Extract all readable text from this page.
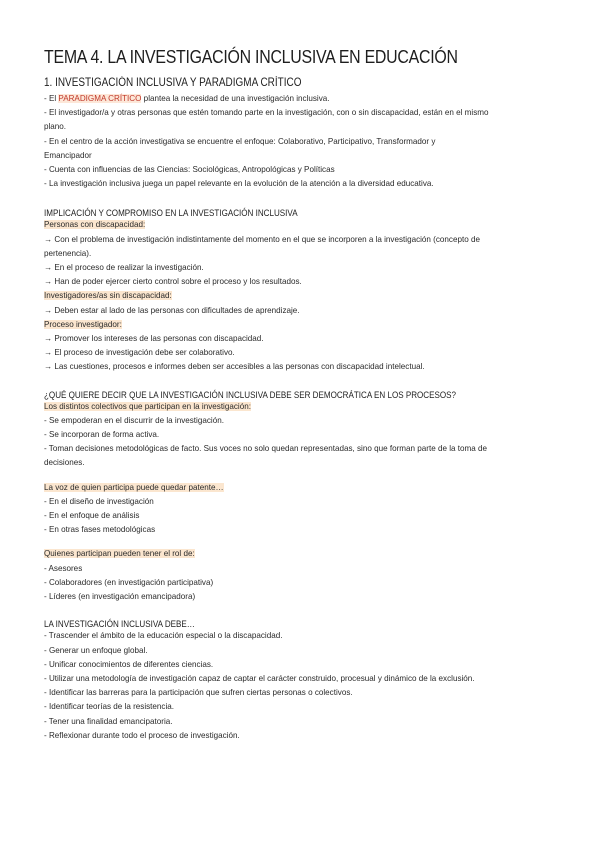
TEMA 4. LA INVESTIGACIÓN INCLUSIVA EN EDUCACIÓN
1. INVESTIGACIÓN INCLUSIVA Y PARADIGMA CRÍTICO

- El PARADIGMA CRÍTICO plantea la necesidad de una investigación inclusiva.

- El investigador/a y otras personas que estén tomando parte en la investigación, con o sin discapacidad, están en el mismo

plano.

- En el centro de la acción investigativa se encuentre el enfoque: Colaborativo, Participativo, Transformador y

Emancipador

- Cuenta con influencias de las Ciencias: Sociológicas, Antropológicas y Políticas

- La investigación inclusiva juega un papel relevante en la evolución de la atención a la diversidad educativa.

IMPLICACIÓN Y COMPROMISO EN LA INVESTIGACIÓN INCLUSIVA

Personas con discapacidad:

→ Con el problema de investigación indistintamente del momento en el que se incorporen a la investigación (concepto de

pertenencia).

→ En el proceso de realizar la investigación.

→ Han de poder ejercer cierto control sobre el proceso y los resultados.

Investigadores/as sin discapacidad:

→ Deben estar al lado de las personas con dificultades de aprendizaje.

Proceso investigador:

→ Promover los intereses de las personas con discapacidad.

→ El proceso de investigación debe ser colaborativo.

→ Las cuestiones, procesos e informes deben ser accesibles a las personas con discapacidad intelectual.

¿QUÉ QUIERE DECIR QUE LA INVESTIGACIÓN INCLUSIVA DEBE SER DEMOCRÁTICA EN LOS PROCESOS?

Los distintos colectivos que participan en la investigación:

- Se empoderan en el discurrir de la investigación.

- Se incorporan de forma activa.

- Toman decisiones metodológicas de facto. Sus voces no solo quedan representadas, sino que forman parte de la toma de

decisiones.

La voz de quien participa puede quedar patente…

- En el diseño de investigación

- En el enfoque de análisis

- En otras fases metodológicas

Quienes participan pueden tener el rol de:

- Asesores

- Colaboradores (en investigación participativa)

- Líderes (en investigación emancipadora)

LA INVESTIGACIÓN INCLUSIVA DEBE…

- Trascender el ámbito de la educación especial o la discapacidad.

- Generar un enfoque global.

- Unificar conocimientos de diferentes ciencias.

- Utilizar una metodología de investigación capaz de captar el carácter construido, procesual y dinámico de la exclusión.

- Identificar las barreras para la participación que sufren ciertas personas o colectivos.

- Identificar teorías de la resistencia.

- Tener una finalidad emancipatoria.

- Reflexionar durante todo el proceso de investigación.
